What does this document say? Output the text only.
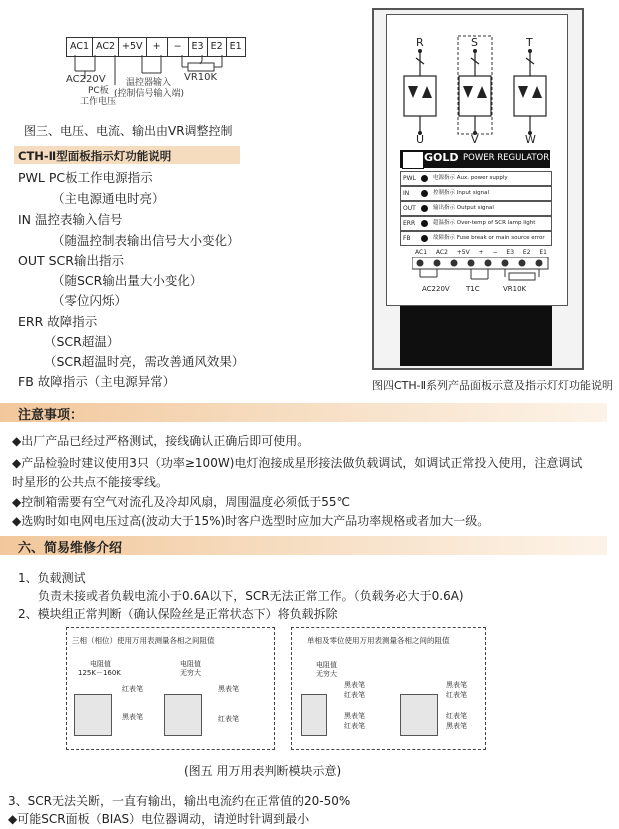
AC1 AC2 +5V	+	−	E3 E2 E1
AC220V
PC板
工作电压
温控器输入
(控制信号输入端)
VR10K
图三、电压、电流、输出由VR调整控制
CTH-Ⅱ型面板指示灯功能说明
PWL PC板工作电源指示
（主电源通电时亮）
IN 温控表输入信号
（随温控制表输出信号大小变化）
OUT SCR输出指示
（随SCR输出量大小变化）
（零位闪烁）
ERR 故障指示
（SCR超温）
（SCR超温时亮，需改善通风效果）
FB 故障指示（主电源异常）
R	S	T
U	V	W
GOLD POWER REGULATOR
PWL	电源指示 Aux. power supply
IN	控制指示 Input signal
OUT	输出指示 Output signal
ERR	超温指示 Over-temp of SCR lamp light
FB	故障指示 Fuse break or main source error
AC1 AC2 +5V + − E3 E2 E1
AC220V T1C	VR10K
图四CTH-Ⅱ系列产品面板示意及指示灯灯功能说明
注意事项：
◆出厂产品已经过严格测试，接线确认正确后即可使用。
◆产品检验时建议使用3只（功率≥100W)电灯泡接成星形接法做负载调试，如调试正常投入使用，注意调试
时星形的公共点不能接零线。
◆控制箱需要有空气对流孔及冷却风扇，周围温度必须低于55℃
◆选购时如电网电压过高(波动大于15%)时客户选型时应加大产品功率规格或者加大一级。
六、简易维修介绍
1、负载测试
负责未接或者负载电流小于0.6A以下，SCR无法正常工作。（负载务必大于0.6A)
2、模块组正常判断（确认保险丝是正常状态下）将负载拆除
三相（相位）使用万用表测量各相之间阻值
电阻值
125K－160K
电阻值
无穷大
红表笔
黑表笔
黑表笔
红表笔
单相及零位使用万用表测量各相之间的阻值
电阻值
无穷大
黑表笔
红表笔
黑表笔
红表笔
黑表笔
红表笔
红表笔
黑表笔
(图五 用万用表判断模块示意)
3、SCR无法关断，一直有输出，输出电流约在正常值的20-50%
◆可能SCR面板（BIAS）电位器调动，请逆时针调到最小
